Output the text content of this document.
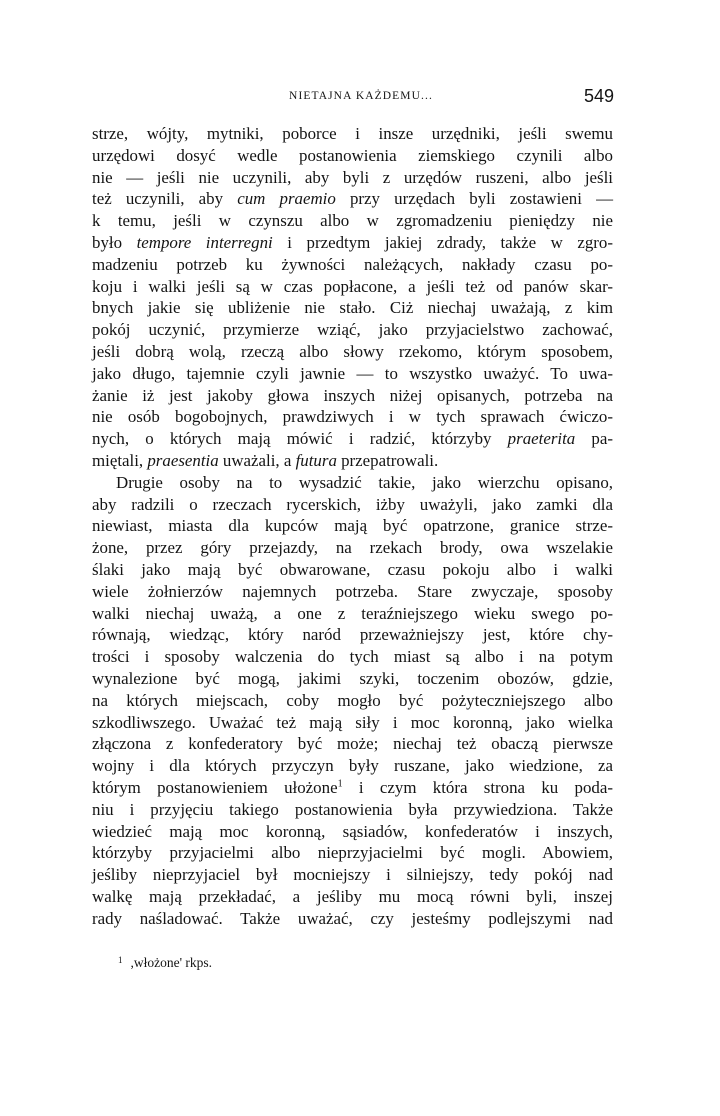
NIETAJNA KAŻDEMU...	549
strze, wójty, mytniki, poborce i insze urzędniki, jeśli swemu
urzędowi dosyć wedle postanowienia ziemskiego czynili albo
nie — jeśli nie uczynili, aby byli z urzędów ruszeni, albo jeśli
też uczynili, aby cum praemio przy urzędach byli zostawieni —
k temu, jeśli w czynszu albo w zgromadzeniu pieniędzy nie
było tempore interregni i przedtym jakiej zdrady, także w zgro-
madzeniu potrzeb ku żywności należących, nakłady czasu po-
koju i walki jeśli są w czas popłacone, a jeśli też od panów skar-
bnych jakie się ubliżenie nie stało. Ciż niechaj uważają, z kim
pokój uczynić, przymierze wziąć, jako przyjacielstwo zachować,
jeśli dobrą wolą, rzeczą albo słowy rzekomo, którym sposobem,
jako długo, tajemnie czyli jawnie — to wszystko uważyć. To uwa-
żanie iż jest jakoby głowa inszych niżej opisanych, potrzeba na
nie osób bogobojnych, prawdziwych i w tych sprawach ćwiczo-
nych, o których mają mówić i radzić, którzyby praeterita pa-
miętali, praesentia uważali, a futura przepatrowali.
Drugie osoby na to wysadzić takie, jako wierzchu opisano,
aby radzili o rzeczach rycerskich, iżby uważyli, jako zamki dla
niewiast, miasta dla kupców mają być opatrzone, granice strze-
żone, przez góry przejazdy, na rzekach brody, owa wszelakie
ślaki jako mają być obwarowane, czasu pokoju albo i walki
wiele żołnierzów najemnych potrzeba. Stare zwyczaje, sposoby
walki niechaj uważą, a one z teraźniejszego wieku swego po-
równają, wiedząc, który naród przeważniejszy jest, które chy-
trości i sposoby walczenia do tych miast są albo i na potym
wynalezione być mogą, jakimi szyki, toczenim obozów, gdzie,
na których miejscach, coby mogło być pożyteczniejszego albo
szkodliwszego. Uważać też mają siły i moc koronną, jako wielka
złączona z konfederatory być może; niechaj też obaczą pierwsze
wojny i dla których przyczyn były ruszane, jako wiedzione, za
którym postanowieniem ułożone$^1$ i czym która strona ku poda-
niu i przyjęciu takiego postanowienia była przywiedziona. Także
wiedzieć mają moc koronną, sąsiadów, konfederatów i inszych,
którzyby przyjacielmi albo nieprzyjacielmi być mogli. Abowiem,
jeśliby nieprzyjaciel był mocniejszy i silniejszy, tedy pokój nad
walkę mają przekładać, a jeśliby mu mocą równi byli, inszej
rady naśladować. Także uważać, czy jesteśmy podlejszymi nad
$^1$ ,włożone' rkps.
